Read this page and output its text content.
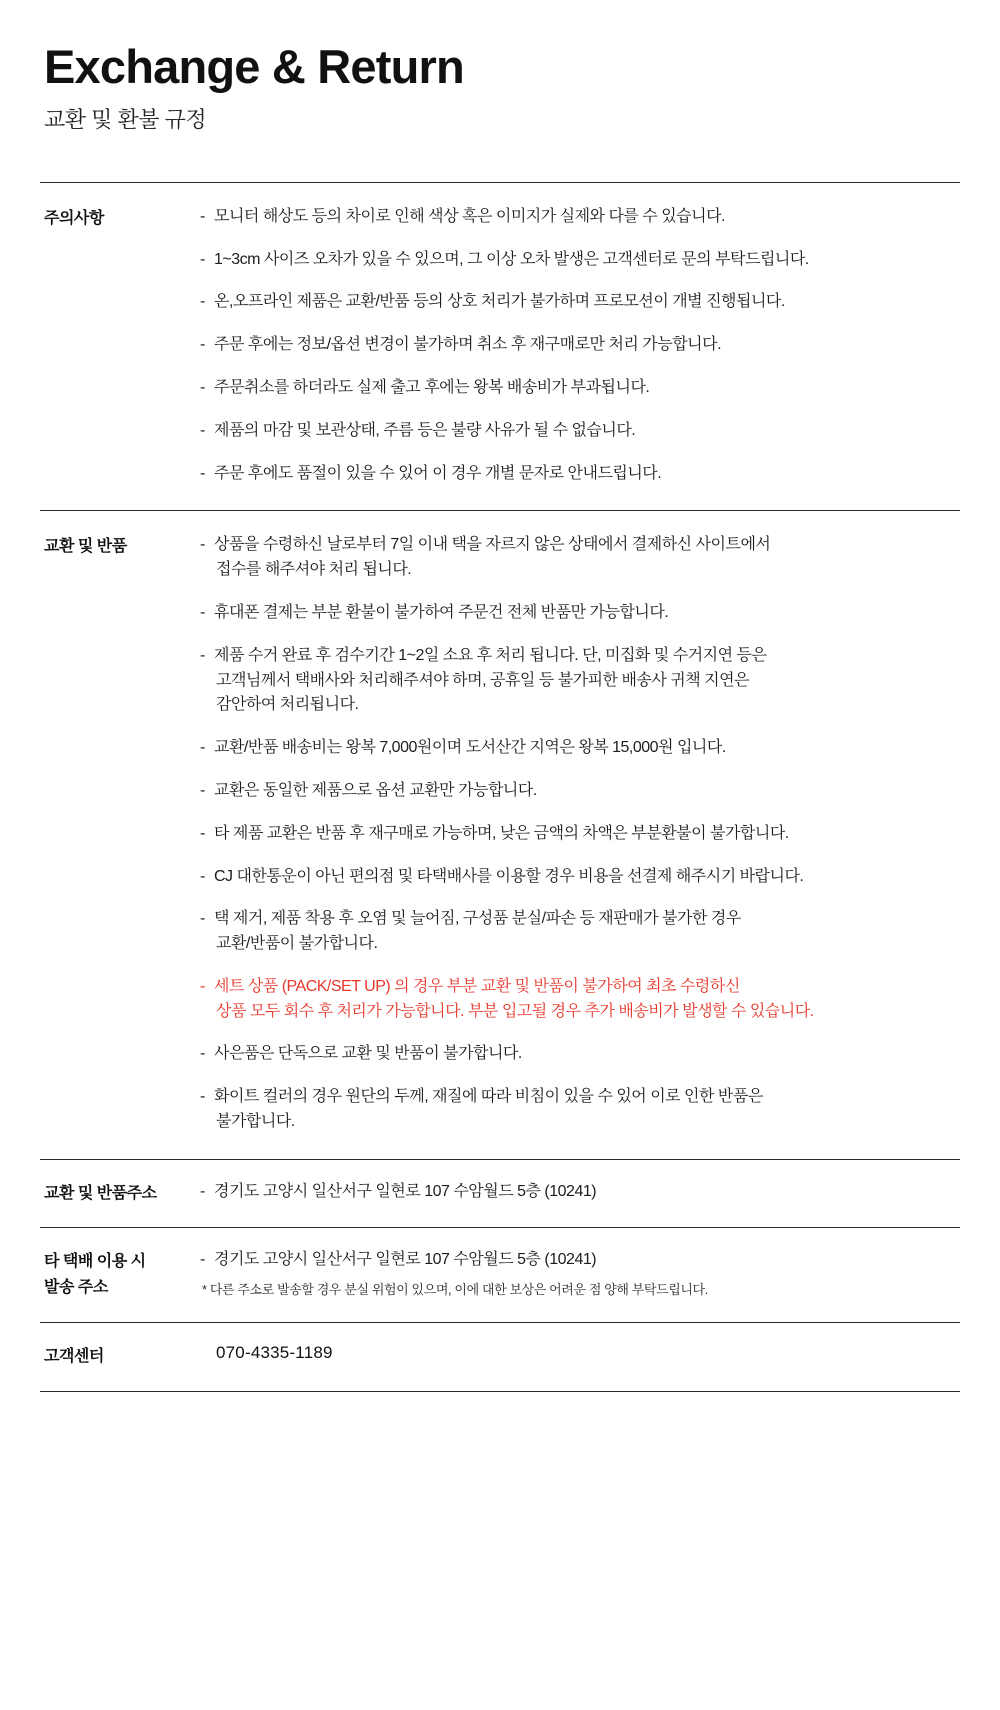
Exchange & Return
교환 및 환불 규정
주의사항	- 모니터 해상도 등의 차이로 인해 색상 혹은 이미지가 실제와 다를 수 있습니다.
- 1~3cm 사이즈 오차가 있을 수 있으며, 그 이상 오차 발생은 고객센터로 문의 부탁드립니다.
- 온,오프라인 제품은 교환/반품 등의 상호 처리가 불가하며 프로모션이 개별 진행됩니다.
- 주문 후에는 정보/옵션 변경이 불가하며 취소 후 재구매로만 처리 가능합니다.
- 주문취소를 하더라도 실제 출고 후에는 왕복 배송비가 부과됩니다.
- 제품의 마감 및 보관상태, 주름 등은 불량 사유가 될 수 없습니다.
- 주문 후에도 품절이 있을 수 있어 이 경우 개별 문자로 안내드립니다.
교환 및 반품	- 상품을 수령하신 날로부터 7일 이내 택을 자르지 않은 상태에서 결제하신 사이트에서
접수를 해주셔야 처리 됩니다.
- 휴대폰 결제는 부분 환불이 불가하여 주문건 전체 반품만 가능합니다.
- 제품 수거 완료 후 검수기간 1~2일 소요 후 처리 됩니다. 단, 미집화 및 수거지연 등은
고객님께서 택배사와 처리해주셔야 하며, 공휴일 등 불가피한 배송사 귀책 지연은
감안하여 처리됩니다.
- 교환/반품 배송비는 왕복 7,000원이며 도서산간 지역은 왕복 15,000원 입니다.
- 교환은 동일한 제품으로 옵션 교환만 가능합니다.
- 타 제품 교환은 반품 후 재구매로 가능하며, 낮은 금액의 차액은 부분환불이 불가합니다.
- CJ 대한통운이 아닌 편의점 및 타택배사를 이용할 경우 비용을 선결제 해주시기 바랍니다.
- 택 제거, 제품 착용 후 오염 및 늘어짐, 구성품 분실/파손 등 재판매가 불가한 경우
교환/반품이 불가합니다.
- 세트 상품 (PACK/SET UP) 의 경우 부분 교환 및 반품이 불가하여 최초 수령하신
상품 모두 회수 후 처리가 가능합니다. 부분 입고될 경우 추가 배송비가 발생할 수 있습니다.
- 사은품은 단독으로 교환 및 반품이 불가합니다.
- 화이트 컬러의 경우 원단의 두께, 재질에 따라 비침이 있을 수 있어 이로 인한 반품은
불가합니다.
교환 및 반품주소	- 경기도 고양시 일산서구 일현로 107 수암월드 5층 (10241)
타 택배 이용 시
발송 주소
- 경기도 고양시 일산서구 일현로 107 수암월드 5층 (10241)
* 다른 주소로 발송할 경우 분실 위험이 있으며, 이에 대한 보상은 어려운 점 양해 부탁드립니다.
고객센터	070-4335-1189
